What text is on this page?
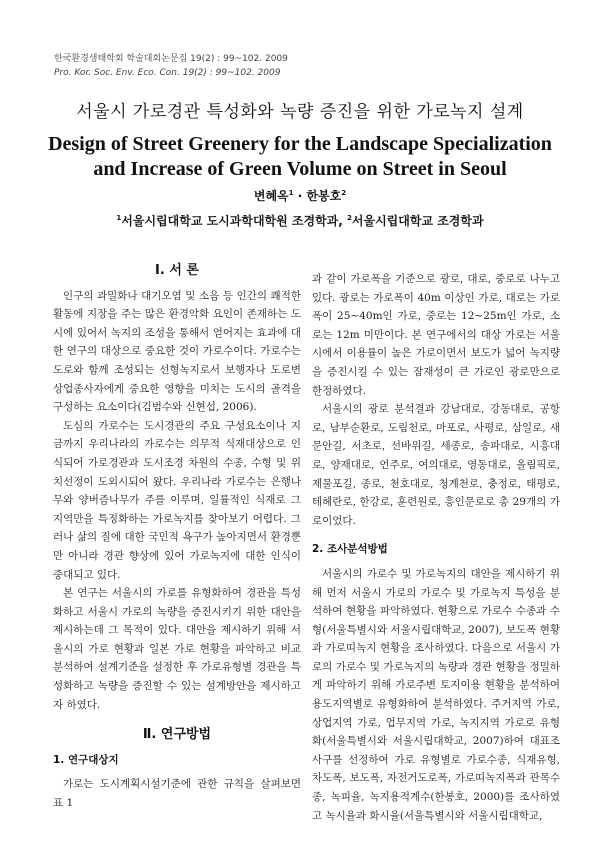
한국환경생태학회 학술대회논문집 19(2) : 99~102. 2009
Pro. Kor. Soc. Env. Eco. Con. 19(2) : 99~102. 2009
서울시 가로경관 특성화와 녹량 증진을 위한 가로녹지 설계
Design of Street Greenery for the Landscape Specialization
and Increase of Green Volume on Street in Seoul
변혜옥$^1$ · 한봉호$^2$
$^1$서울시립대학교 도시과학대학원 조경학과, $^2$서울시립대학교 조경학과
Ⅰ. 서 론

인구의 과밀화나 대기오염 및 소음 등 인간의 쾌적한 활동에 지장을 주는 많은 환경악화 요인이 존재하는 도시에 있어서 녹지의 조성을 통해서 얻어지는 효과에 대한 연구의 대상으로 중요한 것이 가로수이다. 가로수는 도로와 함께 조성되는 선형녹지로서 보행자나 도로변 상업종사자에게 중요한 영향을 미치는 도시의 골격을 구성하는 요소이다(김범수와 신현섭, 2006).

도심의 가로수는 도시경관의 주요 구성요소이나 지금까지 우리나라의 가로수는 의무적 식재대상으로 인식되어 가로경관과 도시조경 차원의 수종, 수형 및 위치선정이 도외시되어 왔다. 우리나라 가로수는 은행나무와 양버즘나무가 주를 이루며, 일률적인 식재로 그 지역만을 특징화하는 가로녹지를 찾아보기 어렵다. 그러나 삶의 질에 대한 국민적 욕구가 높아지면서 환경뿐만 아니라 경관 향상에 있어 가로녹지에 대한 인식이 중대되고 있다.

본 연구는 서울시의 가로를 유형화하여 경관을 특성화하고 서울시 가로의 녹량을 증진시키기 위한 대안을 제시하는데 그 목적이 있다. 대안을 제시하기 위해 서울시의 가로 현황과 일본 가로 현황을 파악하고 비교 분석하여 설계기준을 설정한 후 가로유형별 경관을 특성화하고 녹량을 증진할 수 있는 설계방안을 제시하고자 하였다.

Ⅱ. 연구방법
1. 연구대상지

가로는 도시계획시설기준에 관한 규칙을 살펴보면 표 1

과 같이 가로폭을 기준으로 광로, 대로, 중로로 나누고 있다. 광로는 가로폭이 40m 이상인 가로, 대로는 가로폭이 25~40m인 가로, 중로는 12~25m인 가로, 소로는 12m 미만이다. 본 연구에서의 대상 가로는 서울시에서 이용률이 높은 가로이면서 보도가 넓어 녹지량을 증진시킬 수 있는 잠재성이 큰 가로인 광로만으로 한정하였다.

서울시의 광로 분석결과 강남대로, 강동대로, 공항로, 남부순환로, 도림천로, 마포로, 사평로, 삼일로, 새문안길, 서초로, 선바위길, 세종로, 송파대로, 시흥대로, 양재대로, 언주로, 여의대로, 영동대로, 올림픽로, 제물포길, 종로, 천호대로, 청계천로, 충정로, 태평로, 테헤란로, 한강로, 훈련원로, 흥인문로로 총 29개의 가로이었다.

2. 조사분석방법

서울시의 가로수 및 가로녹지의 대안을 제시하기 위해 먼저 서울시 가로의 가로수 및 가로녹지 특성을 분석하여 현황을 파악하였다. 현황으로 가로수 수종과 수형(서울특별시와 서울시립대학교, 2007), 보도폭 현황과 가로띠녹지 현황을 조사하였다. 다음으로 서울시 가로의 가로수 및 가로녹지의 녹량과 경관 현황을 정밀하게 파악하기 위해 가로주변 토지이용 현황을 분석하여 용도지역별로 유형화하여 분석하였다. 주거지역 가로, 상업지역 가로, 업무지역 가로, 녹지지역 가로로 유형화(서울특별시와 서울시립대학교, 2007)하여 대표조사구를 선정하여 가로 유형별로 가로수종, 식재유형, 차도폭, 보도폭, 자전거도로폭, 가로띠녹지폭과 관목수종, 녹피율, 녹지용적계수(한봉호, 2000)를 조사하였고 녹시율과 화시율(서울특별시와 서울시립대학교,
